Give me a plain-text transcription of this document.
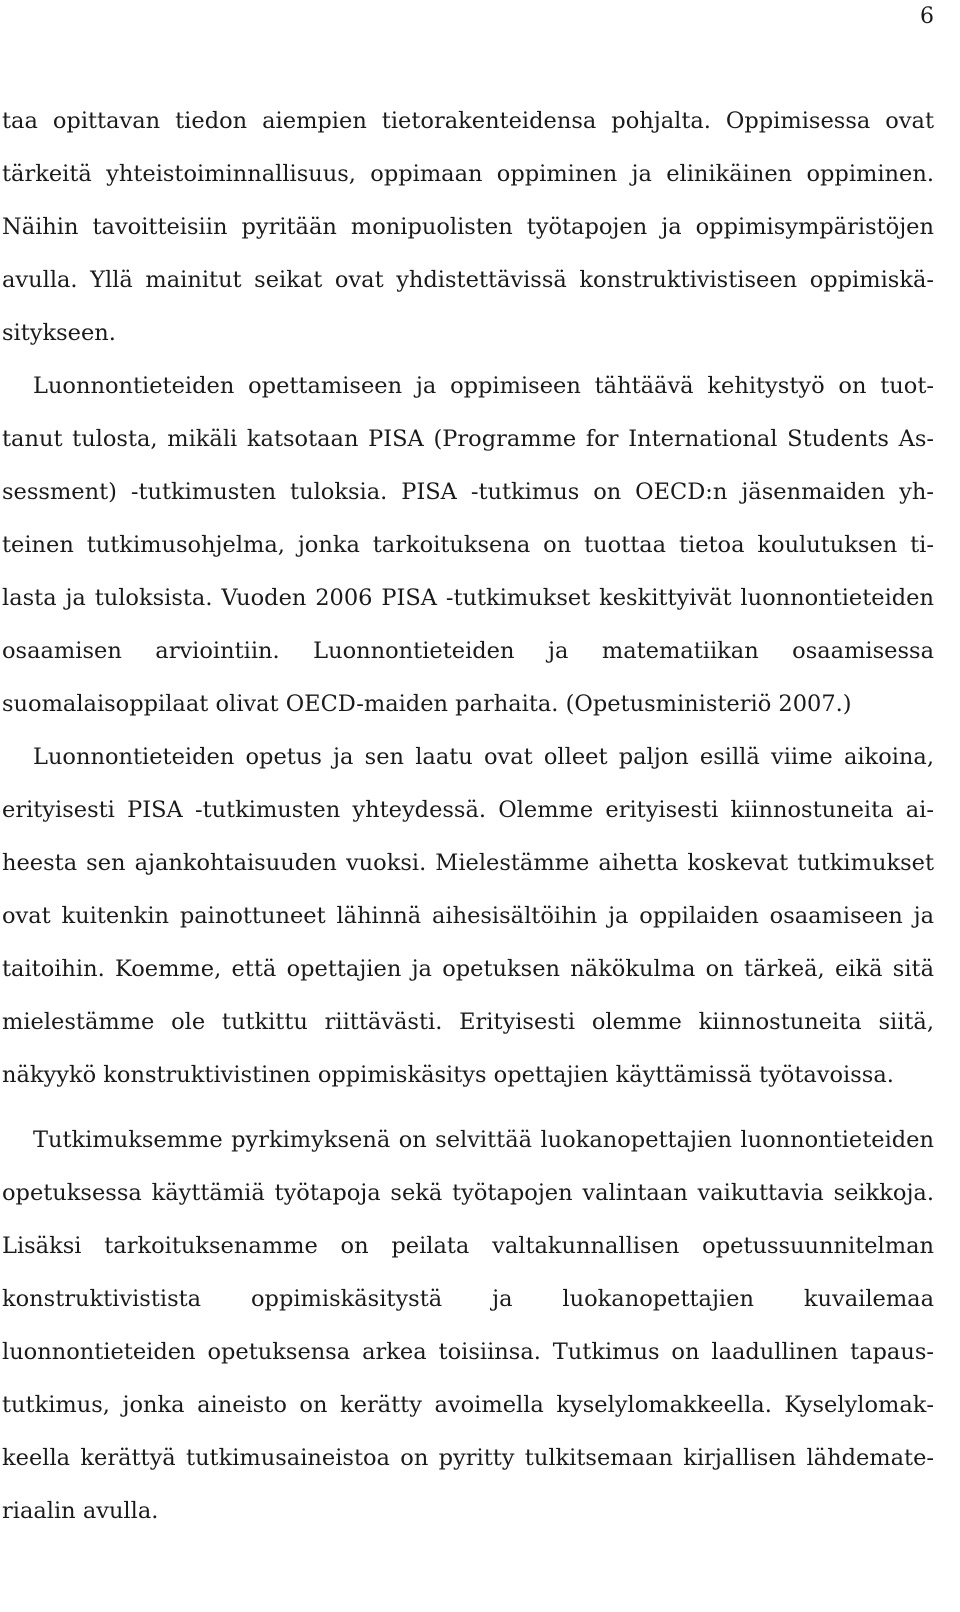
6

taa opittavan tiedon aiempien tietorakenteidensa pohjalta. Oppimisessa ovat tärkeitä yhteistoiminnallisuus, oppimaan oppiminen ja elinikäinen oppiminen. Näihin tavoitteisiin pyritään monipuolisten työtapojen ja oppimisympäristöjen avulla. Yllä mainitut seikat ovat yhdistettävissä konstruktivistiseen oppimiskäsitykseen.

Luonnontieteiden opettamiseen ja oppimiseen tähtäävä kehitystyö on tuottanut tulosta, mikäli katsotaan PISA (Programme for International Students Assessment) -tutkimusten tuloksia. PISA -tutkimus on OECD:n jäsenmaiden yhteinen tutkimusohjelma, jonka tarkoituksena on tuottaa tietoa koulutuksen tilasta ja tuloksista. Vuoden 2006 PISA -tutkimukset keskittyivät luonnontieteiden osaamisen arviointiin. Luonnontieteiden ja matematiikan osaamisessa suomalaisoppilaat olivat OECD-maiden parhaita. (Opetusministeriö 2007.)

Luonnontieteiden opetus ja sen laatu ovat olleet paljon esillä viime aikoina, erityisesti PISA -tutkimusten yhteydessä. Olemme erityisesti kiinnostuneita aiheesta sen ajankohtaisuuden vuoksi. Mielestämme aihetta koskevat tutkimukset ovat kuitenkin painottuneet lähinnä aihesisältöihin ja oppilaiden osaamiseen ja taitoihin. Koemme, että opettajien ja opetuksen näkökulma on tärkeä, eikä sitä mielestämme ole tutkittu riittävästi. Erityisesti olemme kiinnostuneita siitä, näkyykö konstruktivistinen oppimiskäsitys opettajien käyttämissä työtavoissa.

Tutkimuksemme pyrkimyksenä on selvittää luokanopettajien luonnontieteiden opetuksessa käyttämiä työtapoja sekä työtapojen valintaan vaikuttavia seikkoja. Lisäksi tarkoituksenamme on peilata valtakunnallisen opetussuunnitelman konstruktivistista oppimiskäsitystä ja luokanopettajien kuvailemaa luonnontieteiden opetuksensa arkea toisiinsa. Tutkimus on laadullinen tapaustutkimus, jonka aineisto on kerätty avoimella kyselylomakkeella. Kyselylomakkeella kerättyä tutkimusaineistoa on pyritty tulkitsemaan kirjallisen lähdemateriaalin avulla.
